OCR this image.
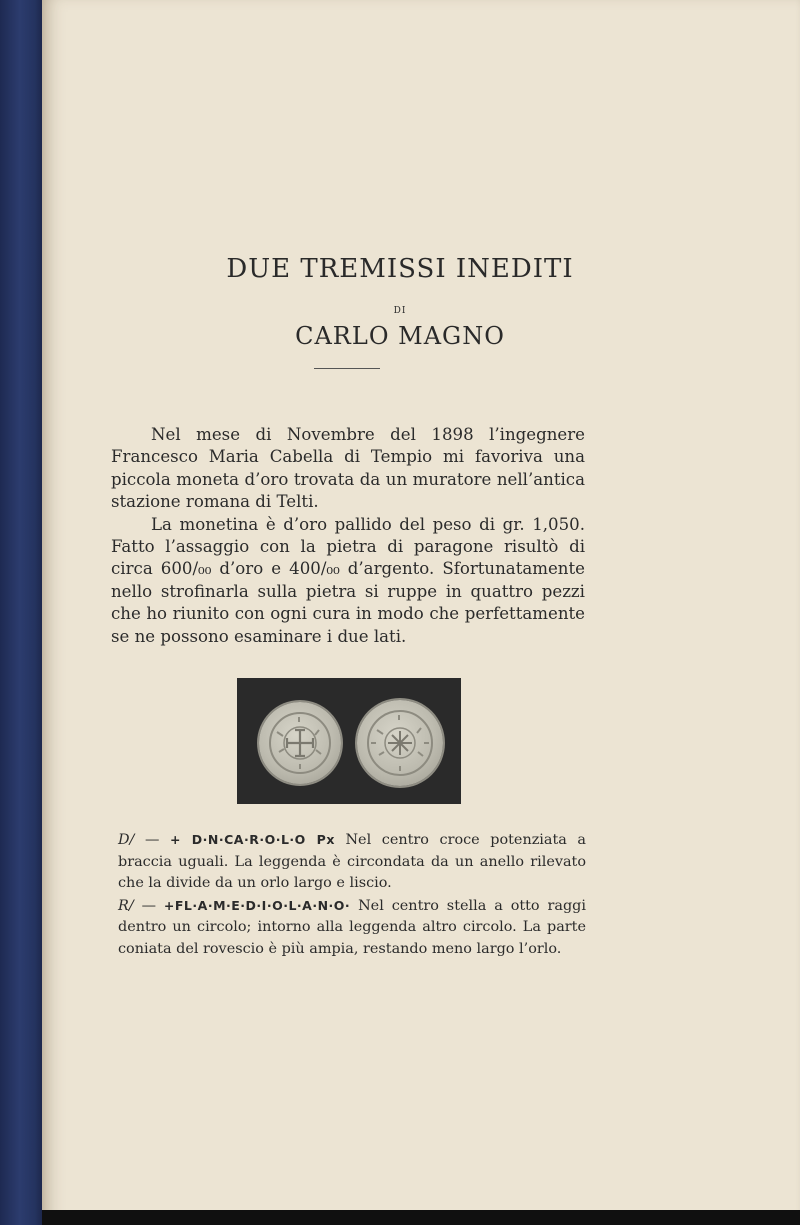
DUE TREMISSI INEDITI
DI
CARLO MAGNO

Nel mese di Novembre del 1898 l’ingegnere Francesco Maria Cabella di Tempio mi favoriva una piccola moneta d’oro trovata da un muratore nell’antica stazione romana di Telti.

La monetina è d’oro pallido del peso di gr. 1,050. Fatto l’assaggio con la pietra di paragone risultò di circa 600/₀₀ d’oro e 400/₀₀ d’argento. Sfortunatamente nello strofinarla sulla pietra si ruppe in quattro pezzi che ho riunito con ogni cura in modo che perfettamente se ne possono esaminare i due lati.

D/ — + D·N·CA·R·O·L·O Px Nel centro croce potenziata a braccia uguali. La leggenda è circondata da un anello rilevato che la divide da un orlo largo e liscio.

R/ — +FL·A·M·E·D·I·O·L·A·N·O· Nel centro stella a otto raggi dentro un circolo; intorno alla leggenda altro circolo. La parte coniata del rovescio è più ampia, restando meno largo l’orlo.
